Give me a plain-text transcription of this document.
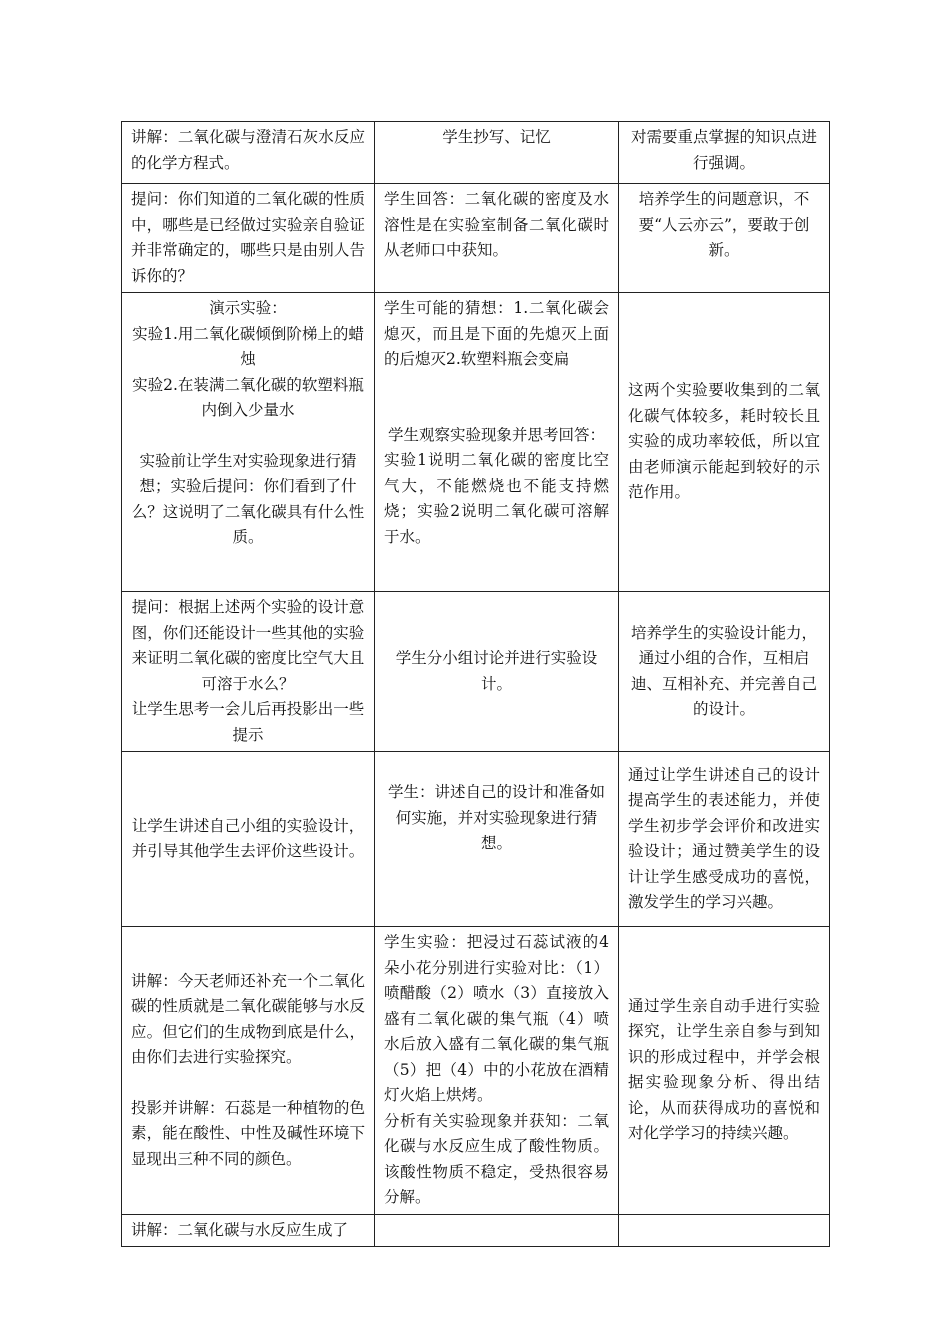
讲解：二氧化碳与澄清石灰水反应的化学方程式。	学生抄写、记忆	对需要重点掌握的知识点进行强调。

提问：你们知道的二氧化碳的性质中，哪些是已经做过实验亲自验证并非常确定的，哪些只是由别人告诉你的？	学生回答：二氧化碳的密度及水溶性是在实验室制备二氧化碳时从老师口中获知。	培养学生的问题意识，不要“人云亦云”，要敢于创新。

演示实验：
实验1.用二氧化碳倾倒阶梯上的蜡烛
实验2.在装满二氧化碳的软塑料瓶内倒入少量水
实验前让学生对实验现象进行猜想；实验后提问：你们看到了什么？这说明了二氧化碳具有什么性质。	学生可能的猜想：1.二氧化碳会熄灭，而且是下面的先熄灭上面的后熄灭2.软塑料瓶会变扁
学生观察实验现象并思考回答：
实验1说明二氧化碳的密度比空气大，不能燃烧也不能支持燃烧；实验2说明二氧化碳可溶解于水。	这两个实验要收集到的二氧化碳气体较多，耗时较长且实验的成功率较低，所以宜由老师演示能起到较好的示范作用。

提问：根据上述两个实验的设计意图，你们还能设计一些其他的实验来证明二氧化碳的密度比空气大且可溶于水么？
让学生思考一会儿后再投影出一些提示	学生分小组讨论并进行实验设计。	培养学生的实验设计能力，通过小组的合作，互相启迪、互相补充、并完善自己的设计。

让学生讲述自己小组的实验设计，并引导其他学生去评价这些设计。	学生：讲述自己的设计和准备如何实施，并对实验现象进行猜想。	通过让学生讲述自己的设计提高学生的表述能力，并使学生初步学会评价和改进实验设计；通过赞美学生的设计让学生感受成功的喜悦，激发学生的学习兴趣。

讲解：今天老师还补充一个二氧化碳的性质就是二氧化碳能够与水反应。但它们的生成物到底是什么，由你们去进行实验探究。
投影并讲解：石蕊是一种植物的色素，能在酸性、中性及碱性环境下显现出三种不同的颜色。	学生实验：把浸过石蕊试液的4朵小花分别进行实验对比：（1）喷醋酸（2）喷水（3）直接放入盛有二氧化碳的集气瓶（4）喷水后放入盛有二氧化碳的集气瓶（5）把（4）中的小花放在酒精灯火焰上烘烤。
分析有关实验现象并获知：二氧化碳与水反应生成了酸性物质。该酸性物质不稳定，受热很容易分解。	通过学生亲自动手进行实验探究，让学生亲自参与到知识的形成过程中，并学会根据实验现象分析、得出结论，从而获得成功的喜悦和对化学学习的持续兴趣。

讲解：二氧化碳与水反应生成了		
